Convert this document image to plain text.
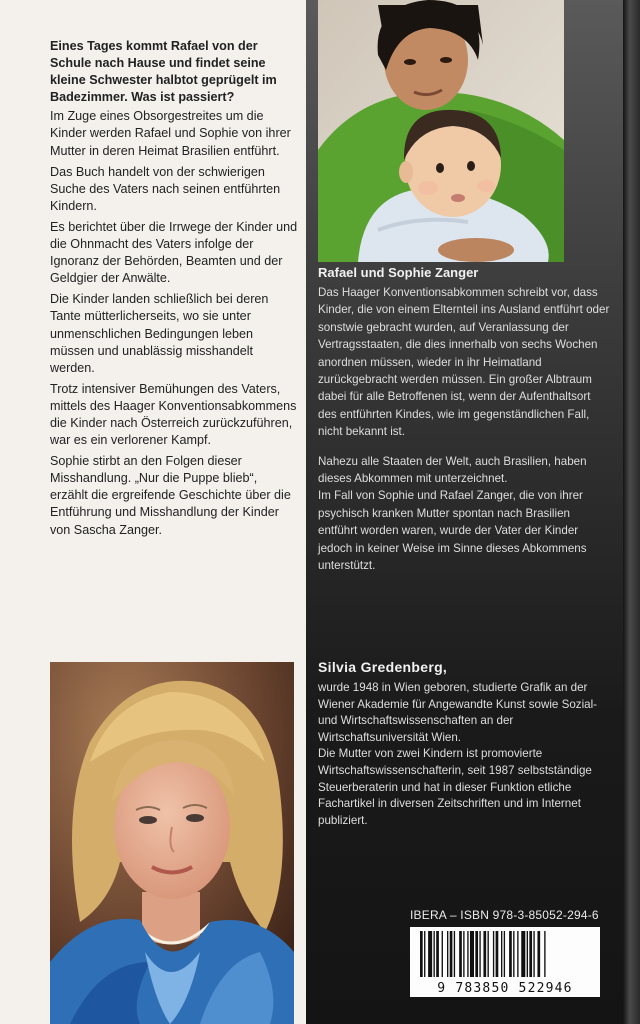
Eines Tages kommt Rafael von der Schule nach Hause und findet seine kleine Schwester halbtot geprügelt im Badezimmer. Was ist passiert?

Im Zuge eines Obsorgestreites um die Kinder werden Rafael und Sophie von ihrer Mutter in deren Heimat Brasilien entführt.

Das Buch handelt von der schwierigen Suche des Vaters nach seinen entführten Kindern.

Es berichtet über die Irrwege der Kinder und die Ohnmacht des Vaters infolge der Ignoranz der Behörden, Beamten und der Geldgier der Anwälte.

Die Kinder landen schließlich bei deren Tante mütterlicherseits, wo sie unter unmenschlichen Bedingungen leben müssen und unablässig misshandelt werden.

Trotz intensiver Bemühungen des Vaters, mittels des Haager Konventionsabkommens die Kinder nach Österreich zurückzuführen, war es ein verlorener Kampf.

Sophie stirbt an den Folgen dieser Misshandlung. „Nur die Puppe blieb“, erzählt die ergreifende Geschichte über die Entführung und Misshandlung der Kinder von Sascha Zanger.

Rafael und Sophie Zanger

Das Haager Konventionsabkommen schreibt vor, dass Kinder, die von einem Elternteil ins Ausland entführt oder sonstwie gebracht wurden, auf Veranlassung der Vertragsstaaten, die dies innerhalb von sechs Wochen anordnen müssen, wieder in ihr Heimatland zurückgebracht werden müssen. Ein großer Albtraum dabei für alle Betroffenen ist, wenn der Aufenthaltsort des entführten Kindes, wie im gegenständlichen Fall, nicht bekannt ist.

Nahezu alle Staaten der Welt, auch Brasilien, haben dieses Abkommen mit unterzeichnet.

Im Fall von Sophie und Rafael Zanger, die von ihrer psychisch kranken Mutter spontan nach Brasilien entführt worden waren, wurde der Vater der Kinder jedoch in keiner Weise im Sinne dieses Abkommens unterstützt.

Silvia Gredenberg,

wurde 1948 in Wien geboren, studierte Grafik an der Wiener Akademie für Angewandte Kunst sowie Sozial- und Wirtschaftswissenschaften an der Wirtschaftsuniversität Wien.

Die Mutter von zwei Kindern ist promovierte Wirtschaftswissenschafterin, seit 1987 selbstständige Steuerberaterin und hat in dieser Funktion etliche Fachartikel in diversen Zeitschriften und im Internet publiziert.

IBERA – ISBN 978-3-85052-294-6
9 783850 522946
